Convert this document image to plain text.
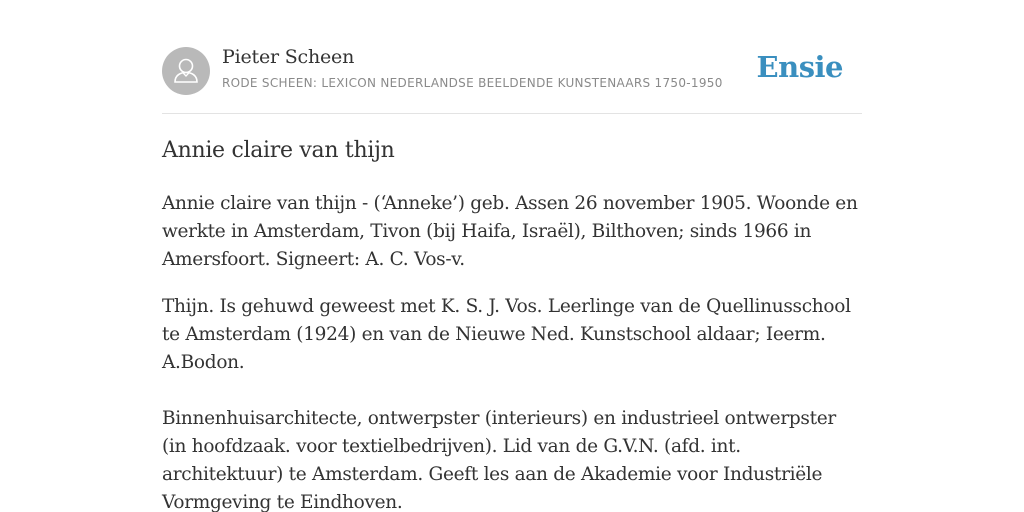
Pieter Scheen
RODE SCHEEN: LEXICON NEDERLANDSE BEELDENDE KUNSTENAARS 1750-1950 Ensie
Annie claire van thijn

Annie claire van thijn - (‘Anneke’) geb. Assen 26 november 1905. Woonde en werkte in Amsterdam, Tivon (bij Haifa, Israël), Bilthoven; sinds 1966 in Amersfoort. Signeert: A. C. Vos-v.

Thijn. Is gehuwd geweest met K. S. J. Vos. Leerlinge van de Quellinusschool te Amsterdam (1924) en van de Nieuwe Ned. Kunstschool aldaar; Ieerm. A.Bodon.

Binnenhuisarchitecte, ontwerpster (interieurs) en industrieel ontwerpster (in hoofdzaak. voor textielbedrijven). Lid van de G.V.N. (afd. int. architektuur) te Amsterdam. Geeft les aan de Akademie voor Industriële Vormgeving te Eindhoven.
